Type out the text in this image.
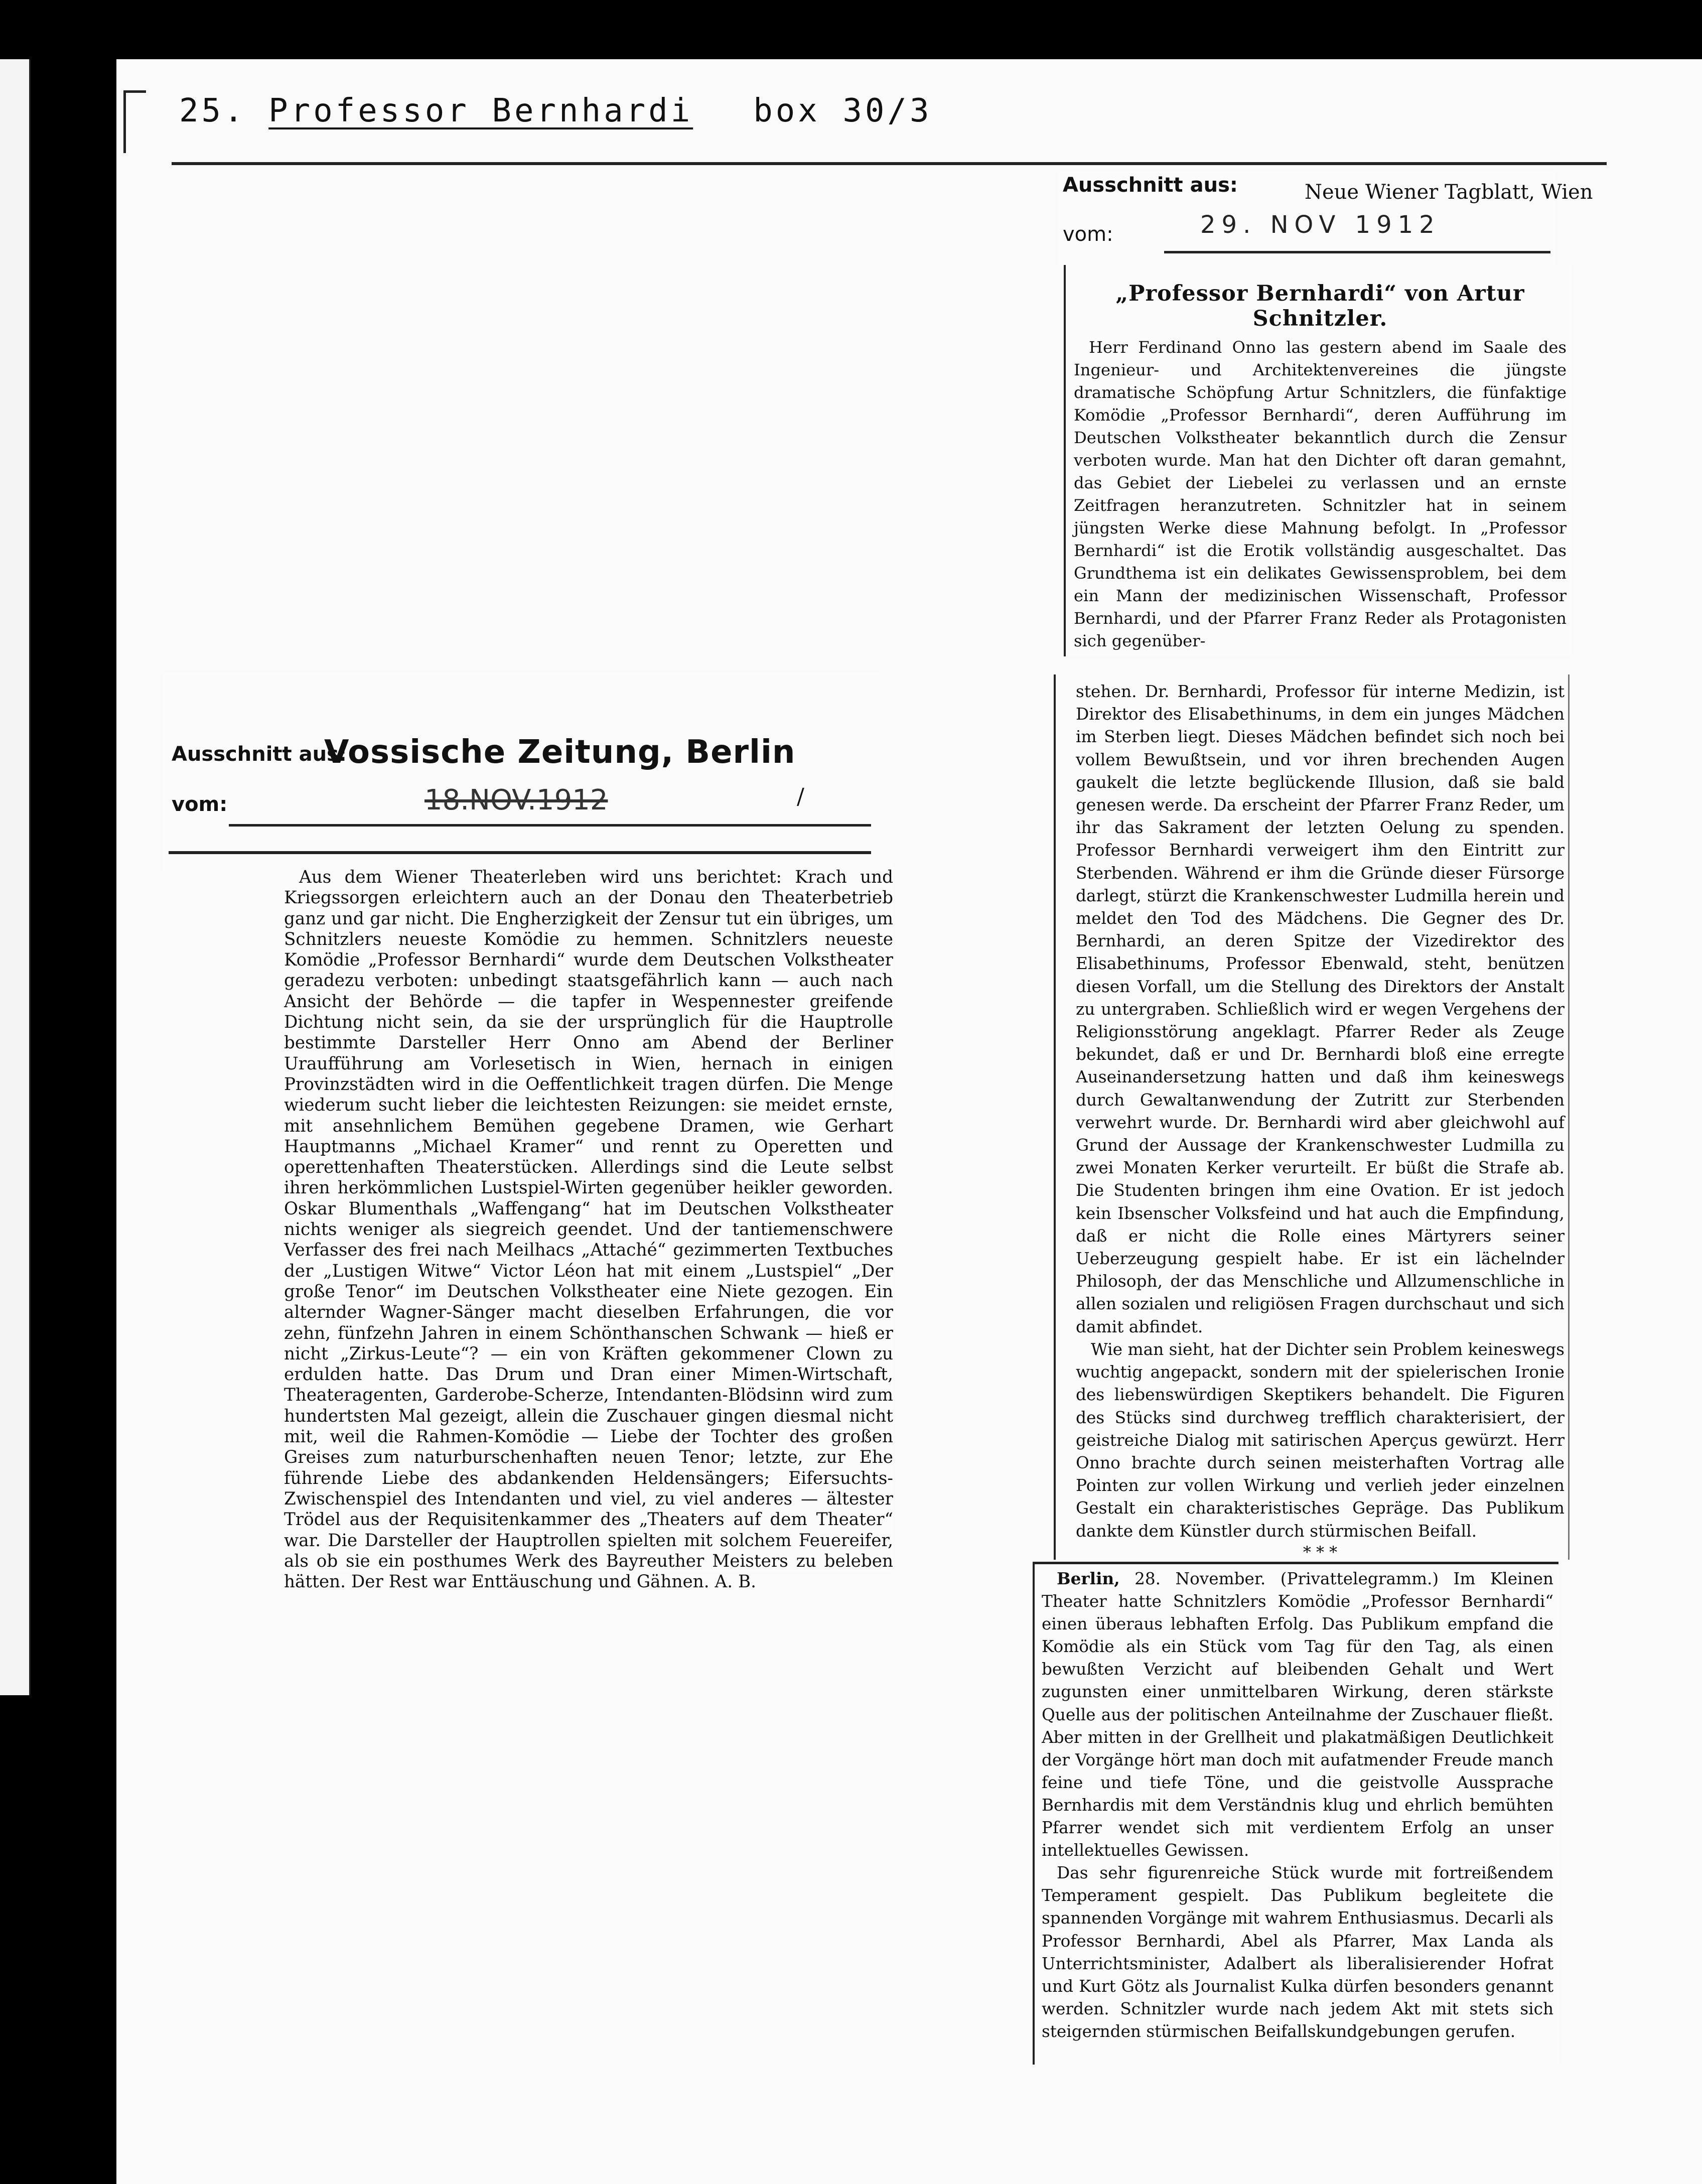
25. Professor Bernhardi box 30/3
Ausschnitt aus:
Vossische Zeitung, Berlin
vom:	18.NOV.1912	/

Aus dem Wiener Theaterleben wird uns berichtet: Krach und Kriegssorgen erleichtern auch an der Donau den Theaterbetrieb ganz und gar nicht. Die Engherzigkeit der Zensur tut ein übriges, um Schnitzlers neueste Komödie zu hemmen. Schnitzlers neueste Komödie „Professor Bernhardi“ wurde dem Deutschen Volkstheater geradezu verboten: unbedingt staatsgefährlich kann — auch nach Ansicht der Behörde — die tapfer in Wespennester greifende Dichtung nicht sein, da sie der ursprünglich für die Hauptrolle bestimmte Darsteller Herr Onno am Abend der Berliner Uraufführung am Vorlesetisch in Wien, hernach in einigen Provinzstädten wird in die Oeffentlichkeit tragen dürfen. Die Menge wiederum sucht lieber die leichtesten Reizungen: sie meidet ernste, mit ansehnlichem Bemühen gegebene Dramen, wie Gerhart Hauptmanns „Michael Kramer“ und rennt zu Operetten und operettenhaften Theaterstücken. Allerdings sind die Leute selbst ihren herkömmlichen Lustspiel-Wirten gegenüber heikler geworden. Oskar Blumenthals „Waffengang“ hat im Deutschen Volkstheater nichts weniger als siegreich geendet. Und der tantiemenschwere Verfasser des frei nach Meilhacs „Attaché“ gezimmerten Textbuches der „Lustigen Witwe“ Victor Léon hat mit einem „Lustspiel“ „Der große Tenor“ im Deutschen Volkstheater eine Niete gezogen. Ein alternder Wagner-Sänger macht dieselben Erfahrungen, die vor zehn, fünfzehn Jahren in einem Schönthanschen Schwank — hieß er nicht „Zirkus-Leute“? — ein von Kräften gekommener Clown zu erdulden hatte. Das Drum und Dran einer Mimen-Wirtschaft, Theateragenten, Garderobe-Scherze, Intendanten-Blödsinn wird zum hundertsten Mal gezeigt, allein die Zuschauer gingen diesmal nicht mit, weil die Rahmen-Komödie — Liebe der Tochter des großen Greises zum naturburschenhaften neuen Tenor; letzte, zur Ehe führende Liebe des abdankenden Heldensängers; Eifersuchts-Zwischenspiel des Intendanten und viel, zu viel anderes — ältester Trödel aus der Requisitenkammer des „Theaters auf dem Theater“ war. Die Darsteller der Hauptrollen spielten mit solchem Feuereifer, als ob sie ein posthumes Werk des Bayreuther Meisters zu beleben hätten. Der Rest war Enttäuschung und Gähnen. A. B.

Ausschnitt aus:	Neue Wiener Tagblatt, Wien
vom:	29. NOV 1912
„Professor Bernhardi“ von Artur Schnitzler.

Herr Ferdinand Onno las gestern abend im Saale des Ingenieur- und Architektenvereines die jüngste dramatische Schöpfung Artur Schnitzlers, die fünfaktige Komödie „Professor Bernhardi“, deren Aufführung im Deutschen Volkstheater bekanntlich durch die Zensur verboten wurde. Man hat den Dichter oft daran gemahnt, das Gebiet der Liebelei zu verlassen und an ernste Zeitfragen heranzutreten. Schnitzler hat in seinem jüngsten Werke diese Mahnung befolgt. In „Professor Bernhardi“ ist die Erotik vollständig ausgeschaltet. Das Grundthema ist ein delikates Gewissensproblem, bei dem ein Mann der medizinischen Wissenschaft, Professor Bernhardi, und der Pfarrer Franz Reder als Protagonisten sich gegenüber-

stehen. Dr. Bernhardi, Professor für interne Medizin, ist Direktor des Elisabethinums, in dem ein junges Mädchen im Sterben liegt. Dieses Mädchen befindet sich noch bei vollem Bewußtsein, und vor ihren brechenden Augen gaukelt die letzte beglückende Illusion, daß sie bald genesen werde. Da erscheint der Pfarrer Franz Reder, um ihr das Sakrament der letzten Oelung zu spenden. Professor Bernhardi verweigert ihm den Eintritt zur Sterbenden. Während er ihm die Gründe dieser Fürsorge darlegt, stürzt die Krankenschwester Ludmilla herein und meldet den Tod des Mädchens. Die Gegner des Dr. Bernhardi, an deren Spitze der Vizedirektor des Elisabethinums, Professor Ebenwald, steht, benützen diesen Vorfall, um die Stellung des Direktors der Anstalt zu untergraben. Schließlich wird er wegen Vergehens der Religionsstörung angeklagt. Pfarrer Reder als Zeuge bekundet, daß er und Dr. Bernhardi bloß eine erregte Auseinandersetzung hatten und daß ihm keineswegs durch Gewaltanwendung der Zutritt zur Sterbenden verwehrt wurde. Dr. Bernhardi wird aber gleichwohl auf Grund der Aussage der Krankenschwester Ludmilla zu zwei Monaten Kerker verurteilt. Er büßt die Strafe ab. Die Studenten bringen ihm eine Ovation. Er ist jedoch kein Ibsenscher Volksfeind und hat auch die Empfindung, daß er nicht die Rolle eines Märtyrers seiner Ueberzeugung gespielt habe. Er ist ein lächelnder Philosoph, der das Menschliche und Allzumenschliche in allen sozialen und religiösen Fragen durchschaut und sich damit abfindet.

Wie man sieht, hat der Dichter sein Problem keineswegs wuchtig angepackt, sondern mit der spielerischen Ironie des liebenswürdigen Skeptikers behandelt. Die Figuren des Stücks sind durchweg trefflich charakterisiert, der geistreiche Dialog mit satirischen Aperçus gewürzt. Herr Onno brachte durch seinen meisterhaften Vortrag alle Pointen zur vollen Wirkung und verlieh jeder einzelnen Gestalt ein charakteristisches Gepräge. Das Publikum dankte dem Künstler durch stürmischen Beifall.

* * *

Berlin, 28. November. (Privattelegramm.) Im Kleinen Theater hatte Schnitzlers Komödie „Professor Bernhardi“ einen überaus lebhaften Erfolg. Das Publikum empfand die Komödie als ein Stück vom Tag für den Tag, als einen bewußten Verzicht auf bleibenden Gehalt und Wert zugunsten einer unmittelbaren Wirkung, deren stärkste Quelle aus der politischen Anteilnahme der Zuschauer fließt. Aber mitten in der Grellheit und plakatmäßigen Deutlichkeit der Vorgänge hört man doch mit aufatmender Freude manch feine und tiefe Töne, und die geistvolle Aussprache Bernhardis mit dem Verständnis klug und ehrlich bemühten Pfarrer wendet sich mit verdientem Erfolg an unser intellektuelles Gewissen.

Das sehr figurenreiche Stück wurde mit fortreißendem Temperament gespielt. Das Publikum begleitete die spannenden Vorgänge mit wahrem Enthusiasmus. Decarli als Professor Bernhardi, Abel als Pfarrer, Max Landa als Unterrichtsminister, Adalbert als liberalisierender Hofrat und Kurt Götz als Journalist Kulka dürfen besonders genannt werden. Schnitzler wurde nach jedem Akt mit stets sich steigernden stürmischen Beifallskundgebungen gerufen.
